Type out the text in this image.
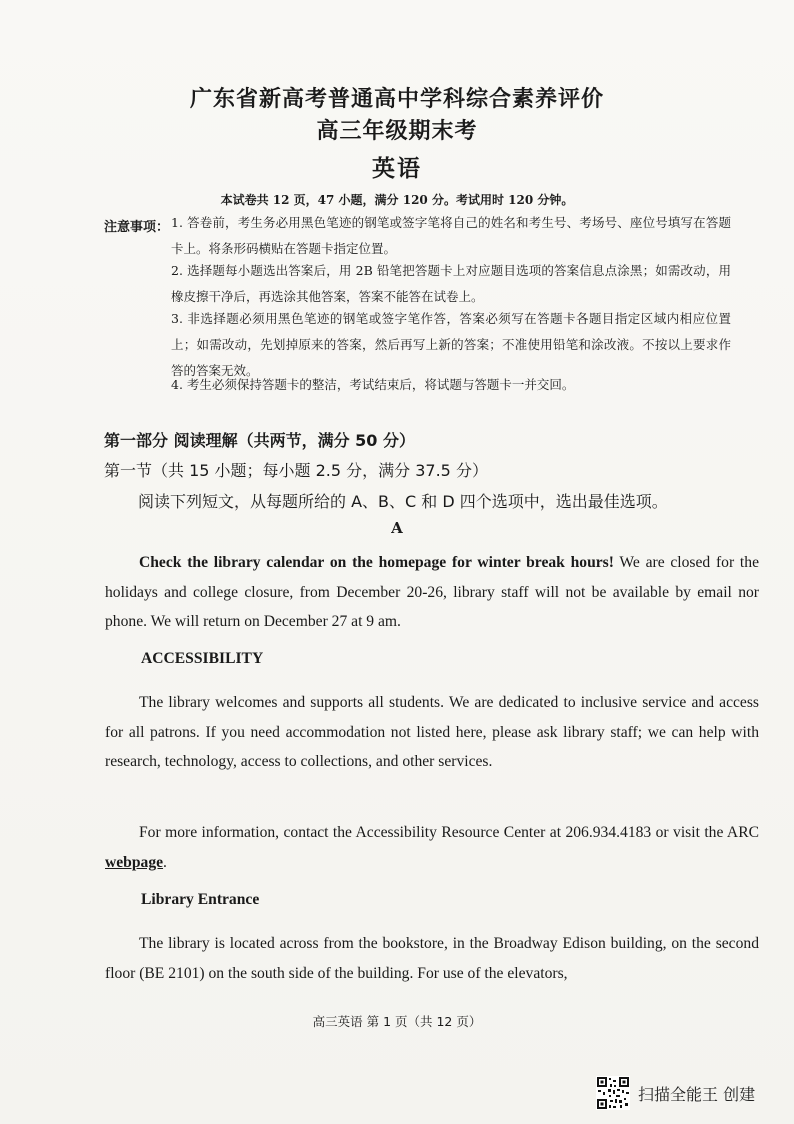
广东省新高考普通高中学科综合素养评价
高三年级期末考
英语
本试卷共 12 页，47 小题，满分 120 分。考试用时 120 分钟。
注意事项： 1. 答卷前，考生务必用黑色笔迹的钢笔或签字笔将自己的姓名和考生号、考场号、座位号填写在答题卡上。将条形码横贴在答题卡指定位置。
2. 选择题每小题选出答案后，用 2B 铅笔把答题卡上对应题目选项的答案信息点涂黑；如需改动，用橡皮擦干净后，再选涂其他答案，答案不能答在试卷上。
3. 非选择题必须用黑色笔迹的钢笔或签字笔作答，答案必须写在答题卡各题目指定区域内相应位置上；如需改动，先划掉原来的答案，然后再写上新的答案；不准使用铅笔和涂改液。不按以上要求作答的答案无效。
4. 考生必须保持答题卡的整洁，考试结束后，将试题与答题卡一并交回。
第一部分 阅读理解（共两节，满分 50 分）
第一节（共 15 小题；每小题 2.5 分，满分 37.5 分）
阅读下列短文，从每题所给的 A、B、C 和 D 四个选项中，选出最佳选项。
A
Check the library calendar on the homepage for winter break hours! We are closed for the holidays and college closure, from December 20-26, library staff will not be available by email nor phone. We will return on December 27 at 9 am.
ACCESSIBILITY
The library welcomes and supports all students. We are dedicated to inclusive service and access for all patrons. If you need accommodation not listed here, please ask library staff; we can help with research, technology, access to collections, and other services.
For more information, contact the Accessibility Resource Center at 206.934.4183 or visit the ARC webpage.
Library Entrance
The library is located across from the bookstore, in the Broadway Edison building, on the second floor (BE 2101) on the south side of the building. For use of the elevators,
高三英语 第 1 页（共 12 页）
扫描全能王 创建
